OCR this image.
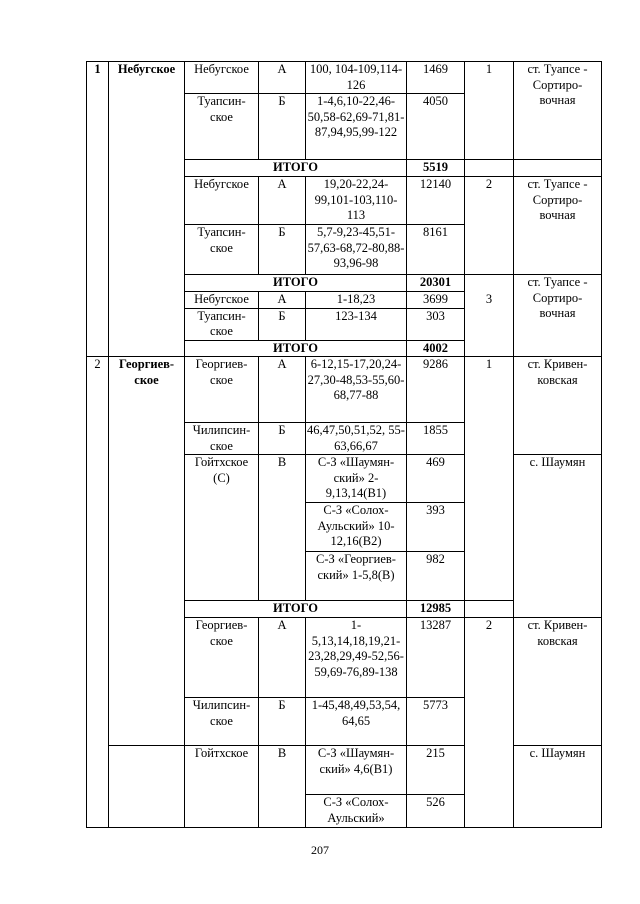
1	Небугское	Небугское	А	100, 104-109,114-126	1469	1	ст. Туапсе - Сортиро-вочная
		Туапсин-ское	Б	1-4,6,10-22,46-50,58-62,69-71,81-87,94,95,99-122	4050		
		ИТОГО			5519		
		Небугское	А	19,20-22,24-99,101-103,110-113	12140	2	ст. Туапсе - Сортиро-вочная
		Туапсин-ское	Б	5,7-9,23-45,51-57,63-68,72-80,88-93,96-98	8161		
		ИТОГО			20301		ст. Туапсе - Сортиро-вочная
		Небугское	А	1-18,23	3699	3	
		Туапсин-ское	Б	123-134	303		
		ИТОГО			4002		
2	Георгиев-ское	Георгиев-ское	А	6-12,15-17,20,24-27,30-48,53-55,60-68,77-88	9286	1	ст. Кривен-ковская
		Чилипсин-ское	Б	46,47,50,51,52, 55-63,66,67	1855		
		Гойтхское (С)	В	С-З «Шаумян-ский» 2-9,13,14(В1)	469		с. Шаумян
				С-З «Солох-Аульский» 10-12,16(В2)	393		
				С-З «Георгиев-ский» 1-5,8(В)	982		
		ИТОГО			12985		
		Георгиев-ское	А	1-5,13,14,18,19,21-23,28,29,49-52,56-59,69-76,89-138	13287	2	ст. Кривен-ковская
		Чилипсин-ское	Б	1-45,48,49,53,54, 64,65	5773		
		Гойтхское	В	С-З «Шаумян-ский» 4,6(В1)	215		с. Шаумян
				С-З «Солох-Аульский»	526		
207
